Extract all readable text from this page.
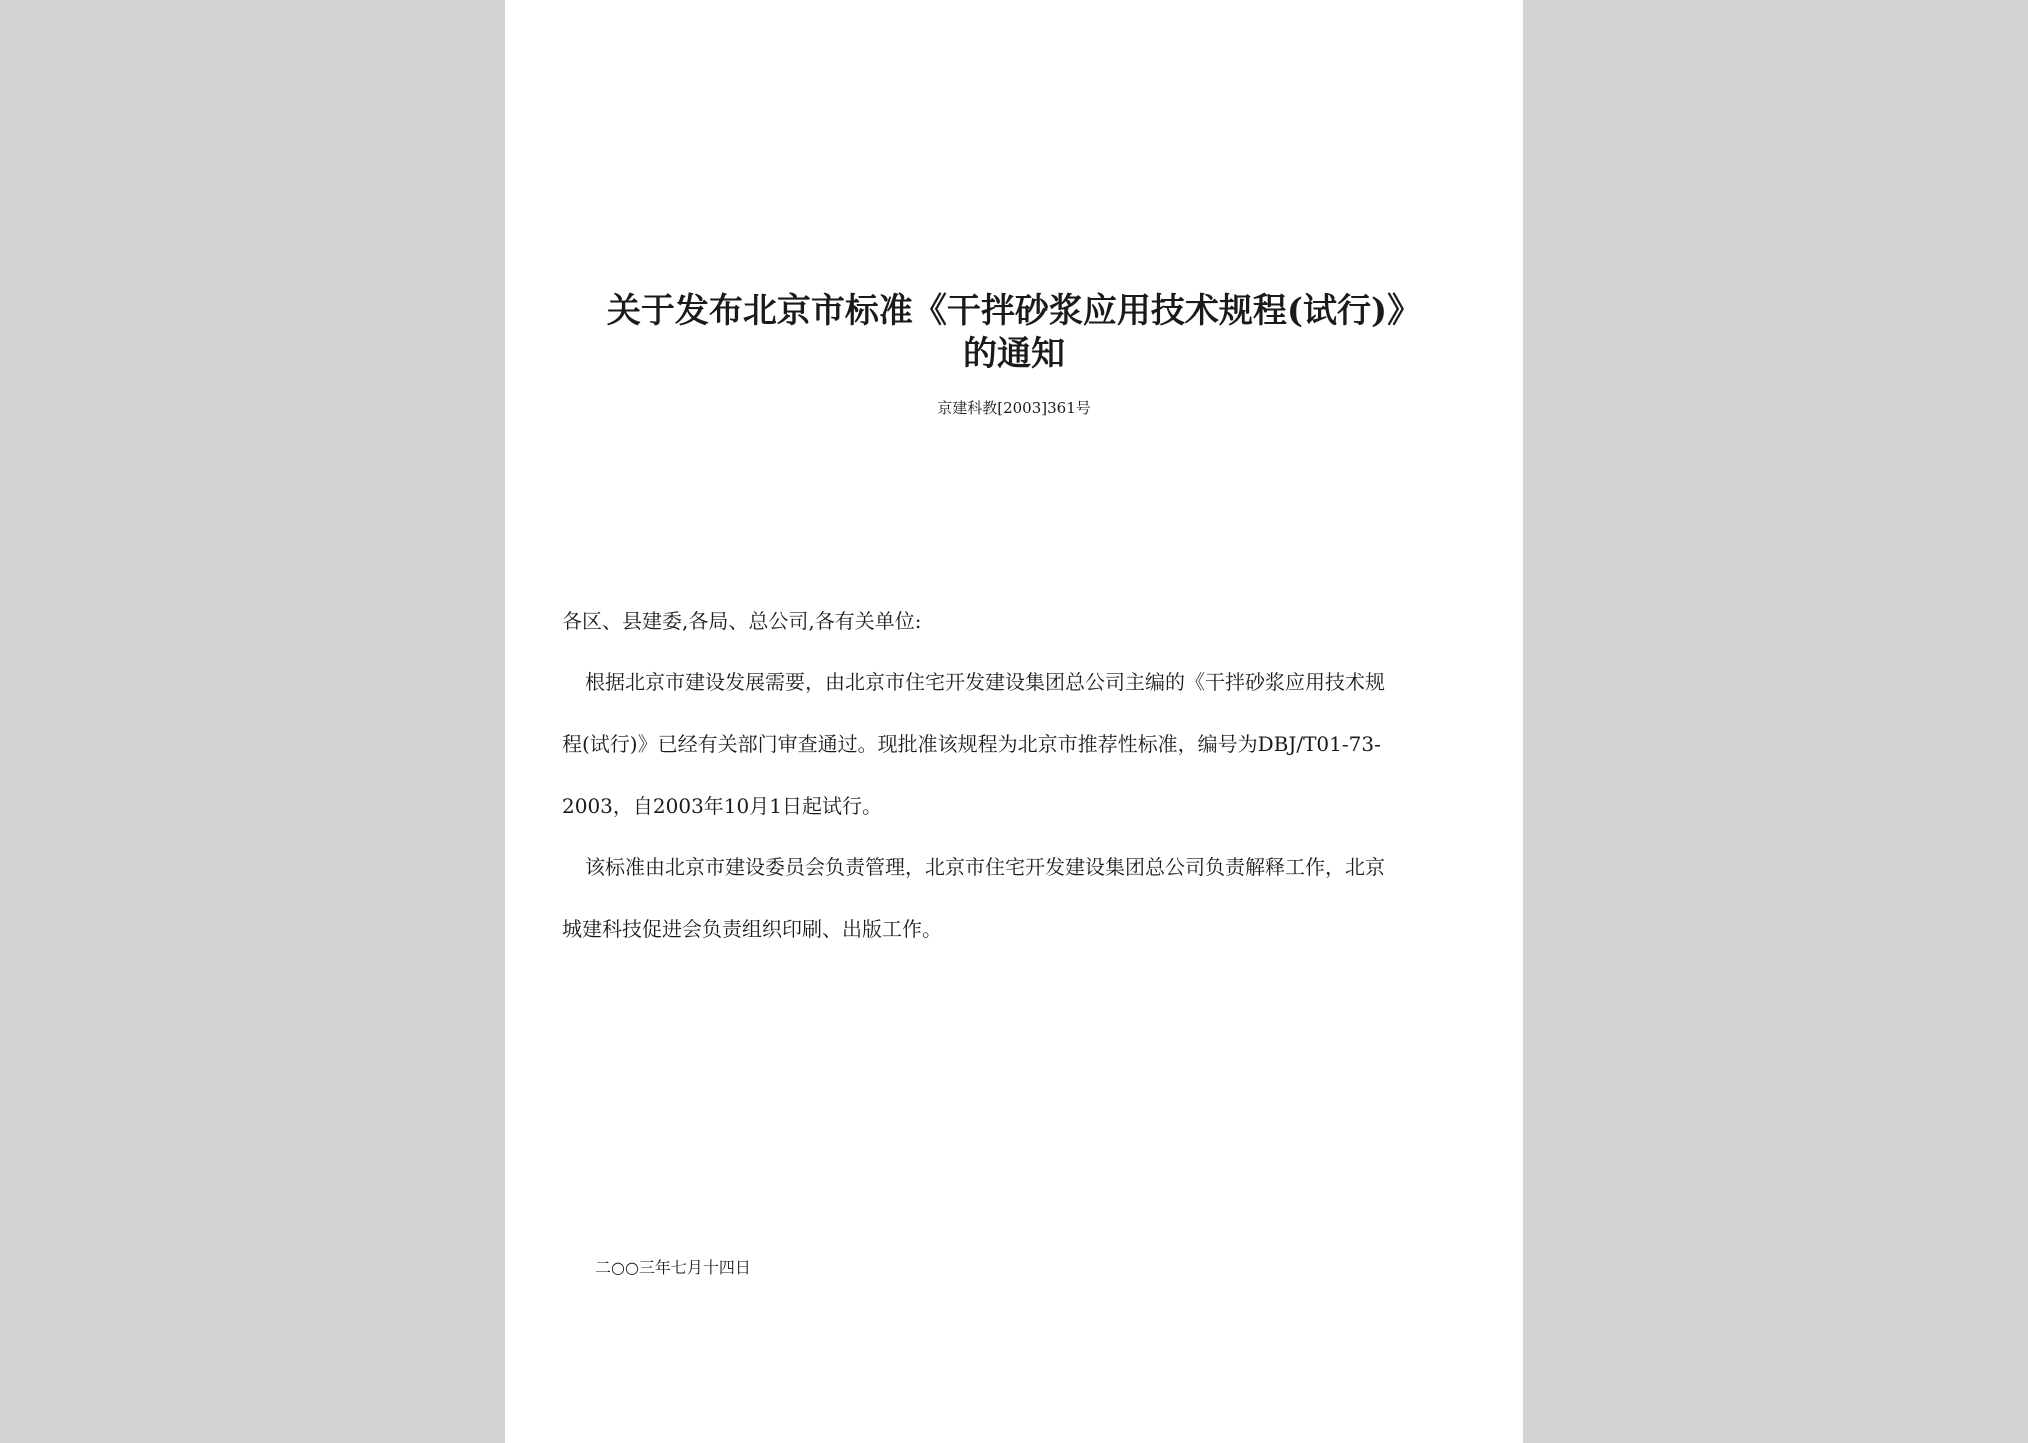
关于发布北京市标准《干拌砂浆应用技术规程(试行)》
的通知
京建科教[2003]361号
各区、县建委,各局、总公司,各有关单位:
根据北京市建设发展需要，由北京市住宅开发建设集团总公司主编的《干拌砂浆应用技术规
程(试行)》已经有关部门审查通过。现批准该规程为北京市推荐性标准，编号为DBJ/T01-73-
2003，自2003年10月1日起试行。
该标准由北京市建设委员会负责管理，北京市住宅开发建设集团总公司负责解释工作，北京
城建科技促进会负责组织印刷、出版工作。
二○○三年七月十四日
